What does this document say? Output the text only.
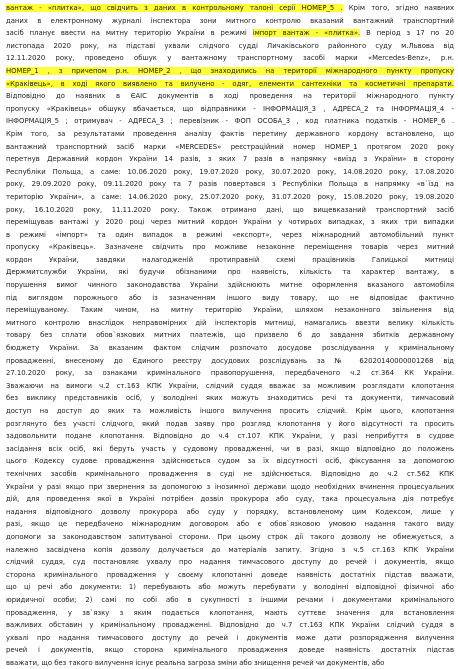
вантаж - «плитка», що свідчить з даних в контрольному талоні серії НОМЕР_5 . Крім того, згідно наявних
даних в електронному журналі інспектора зони митного контролю вказаний вантажний транспортний
засіб планує ввести на митну територію України в режимі імпорт вантаж - «плитка». В період з 17 по 20
листопада 2020 року, на підставі ухвали слідчого судді Личаківського районного суду м.Львова від
12.11.2020 року, проведено обшук у вантажному транспортному засобі марки «Mercedes-Benz», р.н.
НОМЕР_1 , з причепом р.н. НОМЕР_2 , що знаходились на території міжнародного пункту пропуску
«Краківець», в ході якого виявлено та вилучено - одяг, елементи сантехніки та косметичні препарати.
Відповідно до наявних в ЄАІС документів в ході проведення на території міжнародного пункту
пропуску «Краківець» обшуку вбачається, що відправники - ІНФОРМАЦІЯ_3 , АДРЕСА_2 та ІНФОРМАЦІЯ_4 -
ІНФОРМАЦІЯ_5 ; отримувач - АДРЕСА_3 ; перевізник - ФОП ОСОБА_3 , код платника податків - НОМЕР_6 .
Крім того, за результатами проведення аналізу фактів перетину державного кордону встановлено, що
вантажний транспортний засіб марки «MERCEDES» реєстраційний номер НОМЕР_1 протягом 2020 року
перетнув Державний кордон України 14 разів, з яких 7 разів в напрямку «виїзд з України» в сторону
Республіки Польща, а саме: 10.06.2020 року, 19.07.2020 року, 30.07.2020 року, 14.08.2020 року, 17.08.2020
року, 29.09.2020 року, 09.11.2020 року та 7 разів повертався з Республіки Польща в напрямку «в`їзд на
територію України», а саме: 14.06.2020 року, 25.07.2020 року, 31.07.2020 року, 15.08.2020 року, 19.08.2020
року, 16.10.2020 року, 11.11.2020 року. Також отримано дані, що вищевказаний транспортний засіб
переміщував вантажі у 2020 році через митний кордон України у чотирьох випадках, з яких три випадки
в режимі «імпорт» та один випадок в режимі «експорт», через міжнародний автомобільний пункт
пропуску «Краківець». Зазначене свідчить про можливе незаконне переміщення товарів через митний
кордон України, завдяки налагодженій протиправній схемі працівників Галицької митниці
Держмитслужби України, які будучи обізнаними про наявність, кількість та характер вантажу, в
порушення вимог чинного законодавства України здійснюють митне оформлення вказаного автомобіля
під виглядом порожнього або із зазначенням іншого виду товару, що не відповідає фактично
переміщуваному. Таким чином, на митну територію України, шляхом незаконного звільнення від
митного контролю внаслідок неправомірних дій інспекторів митниці, намагались ввезти велику кількість
товару без сплати обов`язкових митних платежів, що призвело б до завдання збитків державному
бюджету України. За вказаним фактом слідчим розпочато досудове розслідування у кримінальному
провадженні, внесеному до Єдиного реєстру досудових розслідувань за № 62020140000001268 від
27.10.2020 року, за ознаками кримінального правопорушення, передбаченого ч.2 ст.364 КК України.
Зважаючи на вимоги ч.2 ст.163 КПК України, слідчий суддя вважає за можливим розглядати клопотання
без виклику представників осіб, у володінні яких можуть знаходитись речі та документи, тимчасовий
доступ на доступ до яких та можливість іншого вилучення просить слідчий. Крім цього, клопотання
розглянуто без участі слідчого, який подав заяву про розгляд клопотання у його відсутності та просить
задовольнити подане клопотання. Відповідно до ч.4 ст.107 КПК України, у разі неприбуття в судове
засідання всіх осіб, які беруть участь у судовому провадженні, чи в разі, якщо відповідно до положень
цього Кодексу судове провадження здійснюється судом за їх відсутності осіб, фіксування за допомогою
технічних засобів кримінального провадження в суді не здійснюється. Відповідно до ч.2 ст.562 КПК
України у разі якщо при звернення за допомогою з інозимної держави щодо необхідних вчинення процесуальних
дій, для проведення якої в Україні потрібен дозвіл прокурора або суду, така процесуальна дія потребує
надання відповідного дозволу прокурора або суду у порядку, встановленому цим Кодексом, лише у
разі, якщо це передбачено міжнародним договором або є обов`язковою умовою надання такого виду
допомоги за законодавством запитуваної сторони. При цьому строк дії такого дозволу не обмежується, а
належно засвідчена копія дозволу долучається до матеріалів запиту. Згідно з ч.5 ст.163 КПК України
слідчий суддя, суд постановляє ухвалу про надання тимчасового доступу до речей і документів, якщо
сторона кримінального провадження у своєму клопотанні доведе наявність достатніх підстав вважати,
що ці речі або документи: 1) перебувають або можуть перебувати у володінні відповідної фізичної або
юридичної особи; 2) самі по собі або в сукупності з іншими речами і документами кримінального
провадження, у зв`язку з яким подається клопотання, мають суттєве значення для встановлення
важливих обставин у кримінальному провадженні. Відповідно до ч.7 ст.163 КПК України слідчий суддя в
ухвалі про надання тимчасового доступу до речей і документів може дати розпорядження вилучення
речей і документів, якщо сторона кримінального провадження доведе наявність достатніх підстав
вважати, що без такого вилучення існує реальна загроза зміни або знищення речей чи документів, або
